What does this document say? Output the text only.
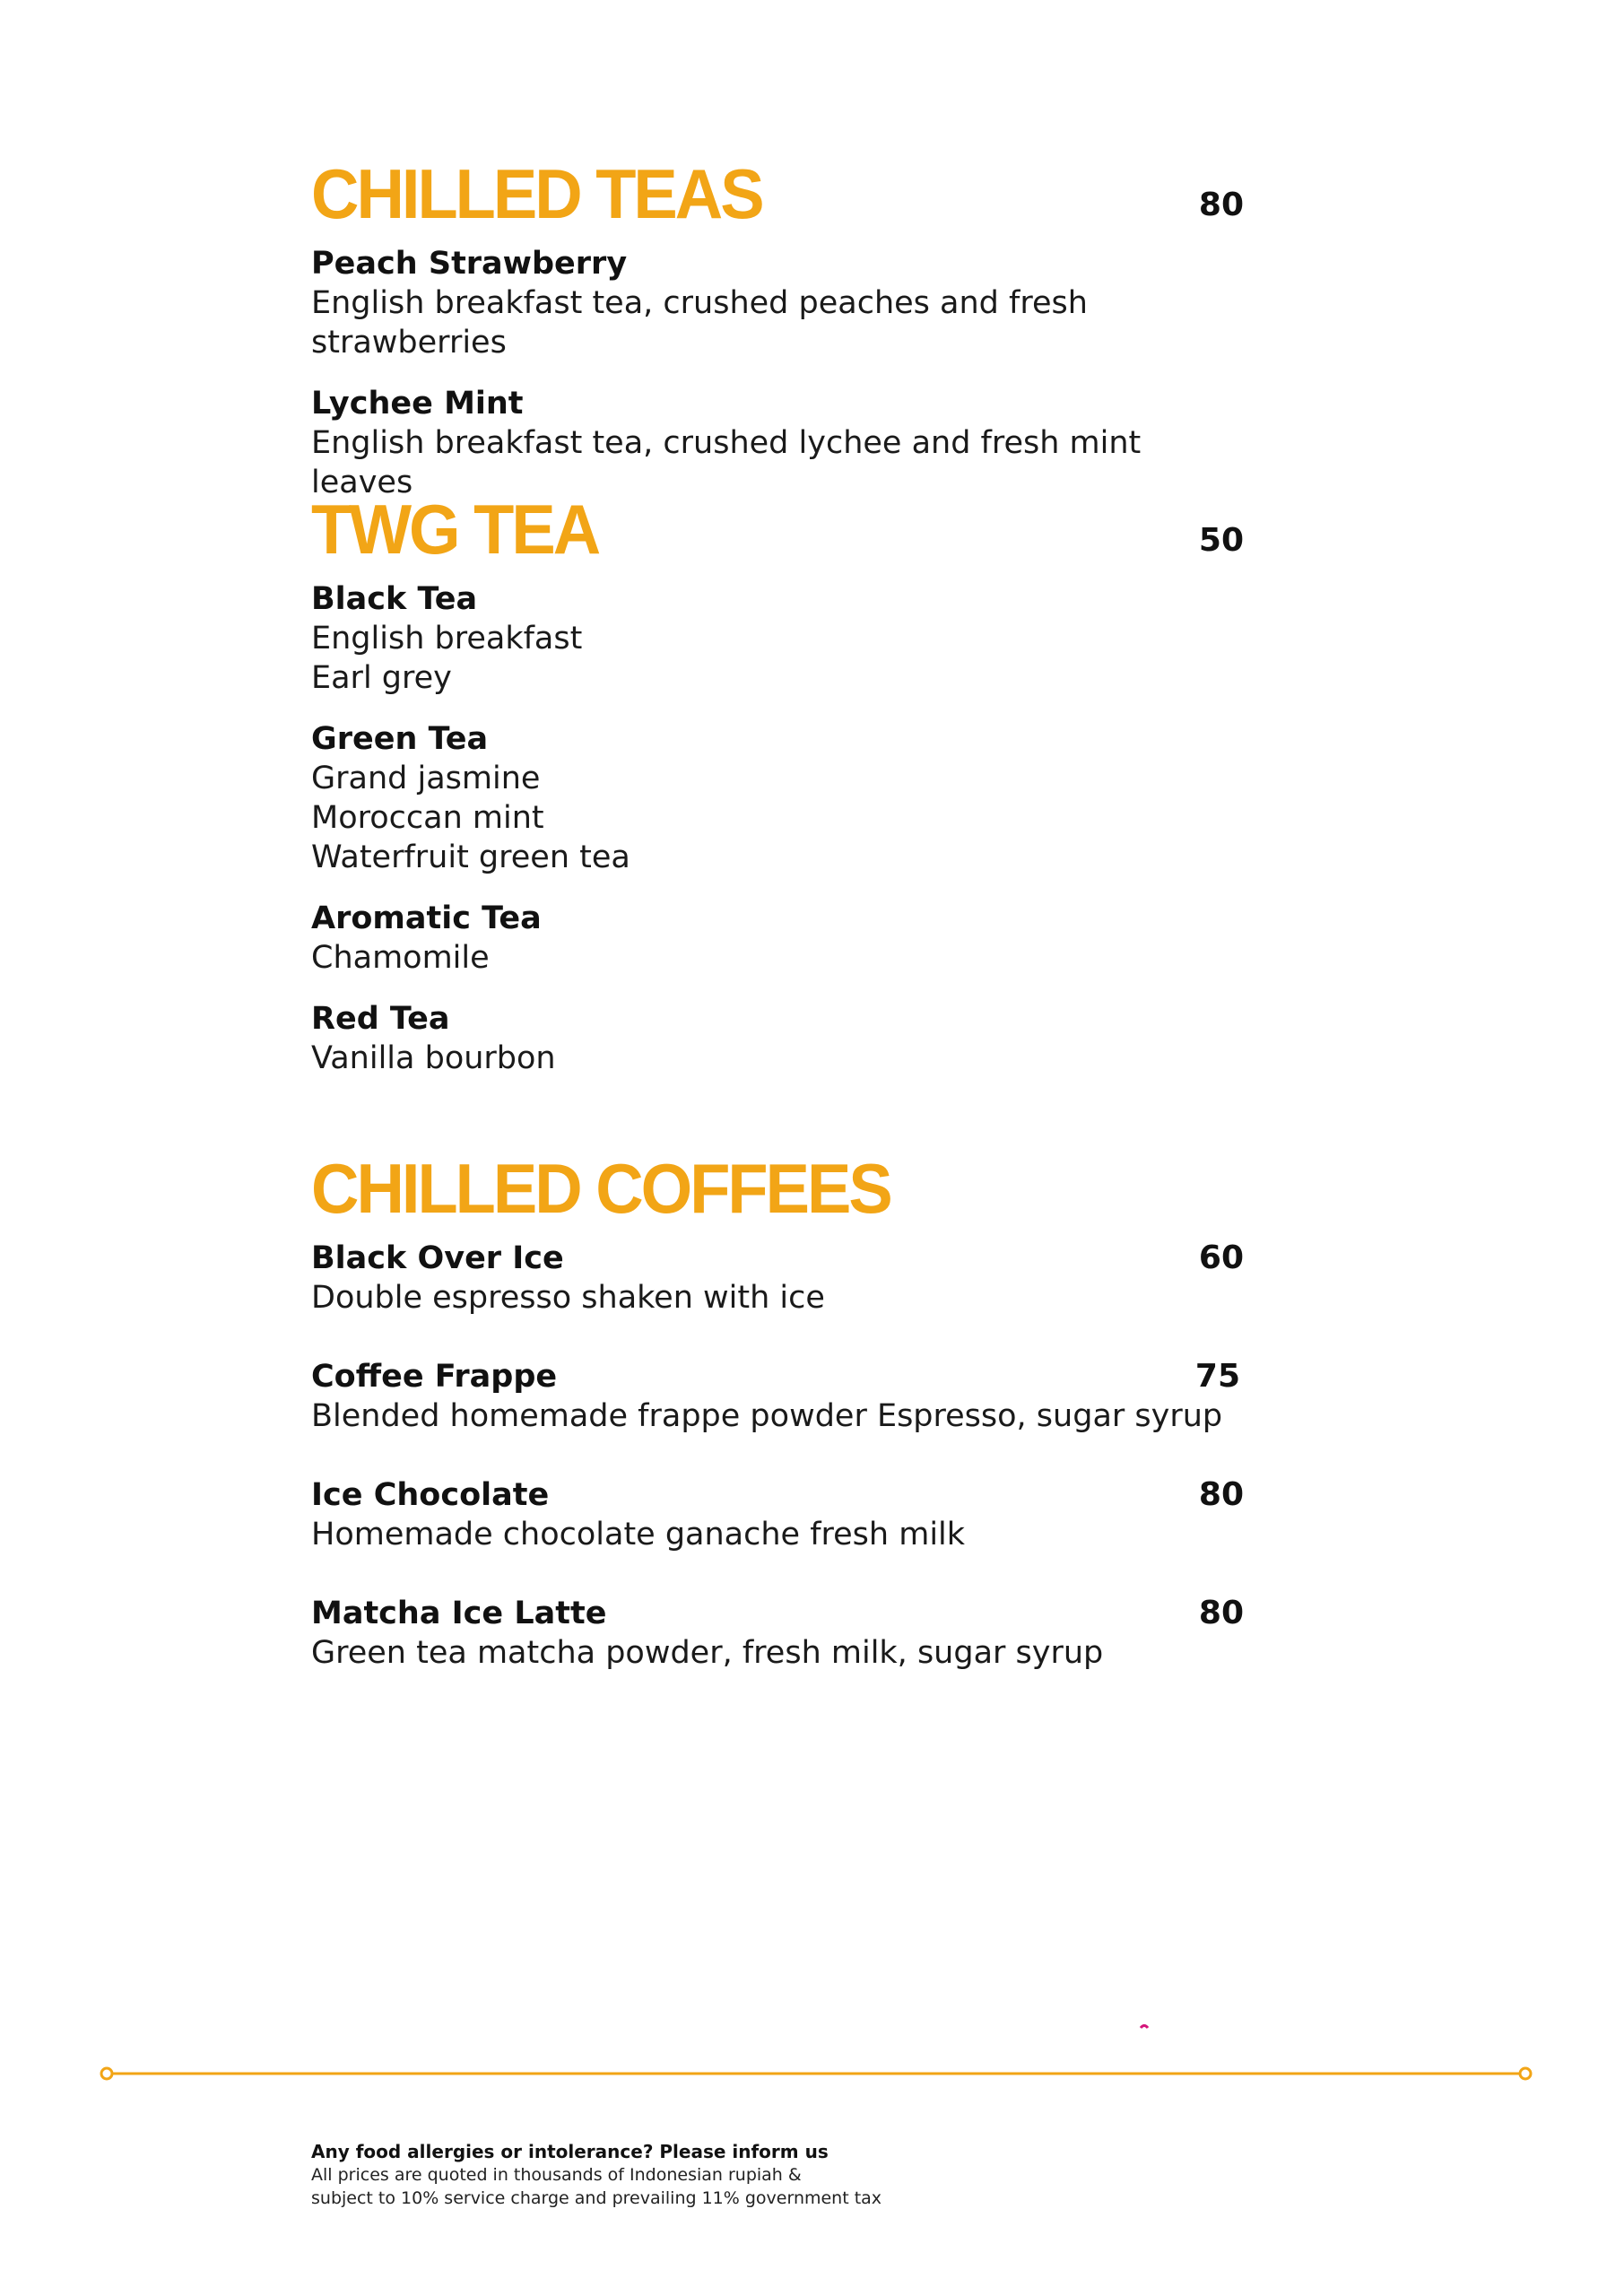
CHILLED TEAS	80
Peach Strawberry
English breakfast tea, crushed peaches and fresh strawberries
Lychee Mint
English breakfast tea, crushed lychee and fresh mint leaves
TWG TEA	50
Black Tea
English breakfast
Earl grey
Green Tea
Grand jasmine
Moroccan mint
Waterfruit green tea
Aromatic Tea
Chamomile
Red Tea
Vanilla bourbon
CHILLED COFFEES
Black Over Ice	60
Double espresso shaken with ice
Coffee Frappe	75
Blended homemade frappe powder Espresso, sugar syrup
Ice Chocolate	80
Homemade chocolate ganache fresh milk
Matcha Ice Latte	80
Green tea matcha powder, fresh milk, sugar syrup
Any food allergies or intolerance? Please inform us
All prices are quoted in thousands of Indonesian rupiah &
subject to 10% service charge and prevailing 11% government tax
